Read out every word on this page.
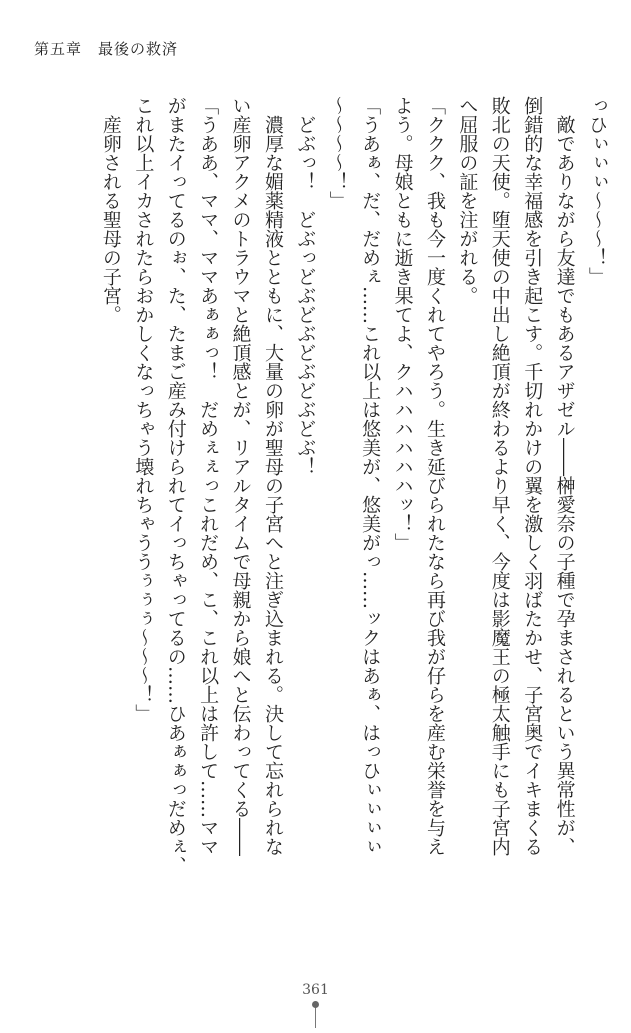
第五章　最後の救済

っひぃぃぃ〜〜〜！」

　敵でありながら友達でもあるアザゼル――榊愛奈の子種で孕まされるという異常性が、

倒錯的な幸福感を引き起こす。千切れかけの翼を激しく羽ばたかせ、子宮奥でイキまくる

敗北の天使。堕天使の中出し絶頂が終わるより早く、今度は影魔王の極太触手にも子宮内

へ屈服の証を注がれる。

「ククク、我も今一度くれてやろう。生き延びられたなら再び我が仔らを産む栄誉を与え

よう。母娘ともに逝き果てよ、クハハハハハハッ！」

「うあぁ、だ、だめぇ……これ以上は悠美が、悠美がっ……ックはあぁ、はっひぃぃぃぃ

〜〜〜〜！」

　どぶっ！　どぶっどぶどぶどぶどぶどぶ！

　濃厚な媚薬精液とともに、大量の卵が聖母の子宮へと注ぎ込まれる。決して忘れられな

い産卵アクメのトラウマと絶頂感とが、リアルタイムで母親から娘へと伝わってくる――

「うああ、ママ、ママあぁぁっ！　だめぇぇっこれだめ、こ、これ以上は許して……ママ

がまたイってるのぉ、た、たまご産み付けられてイっちゃってるの……ひあぁぁっだめぇ、

これ以上イカされたらおかしくなっちゃう壊れちゃううぅぅぅ〜〜〜！」

　産卵される聖母の子宮。

361
